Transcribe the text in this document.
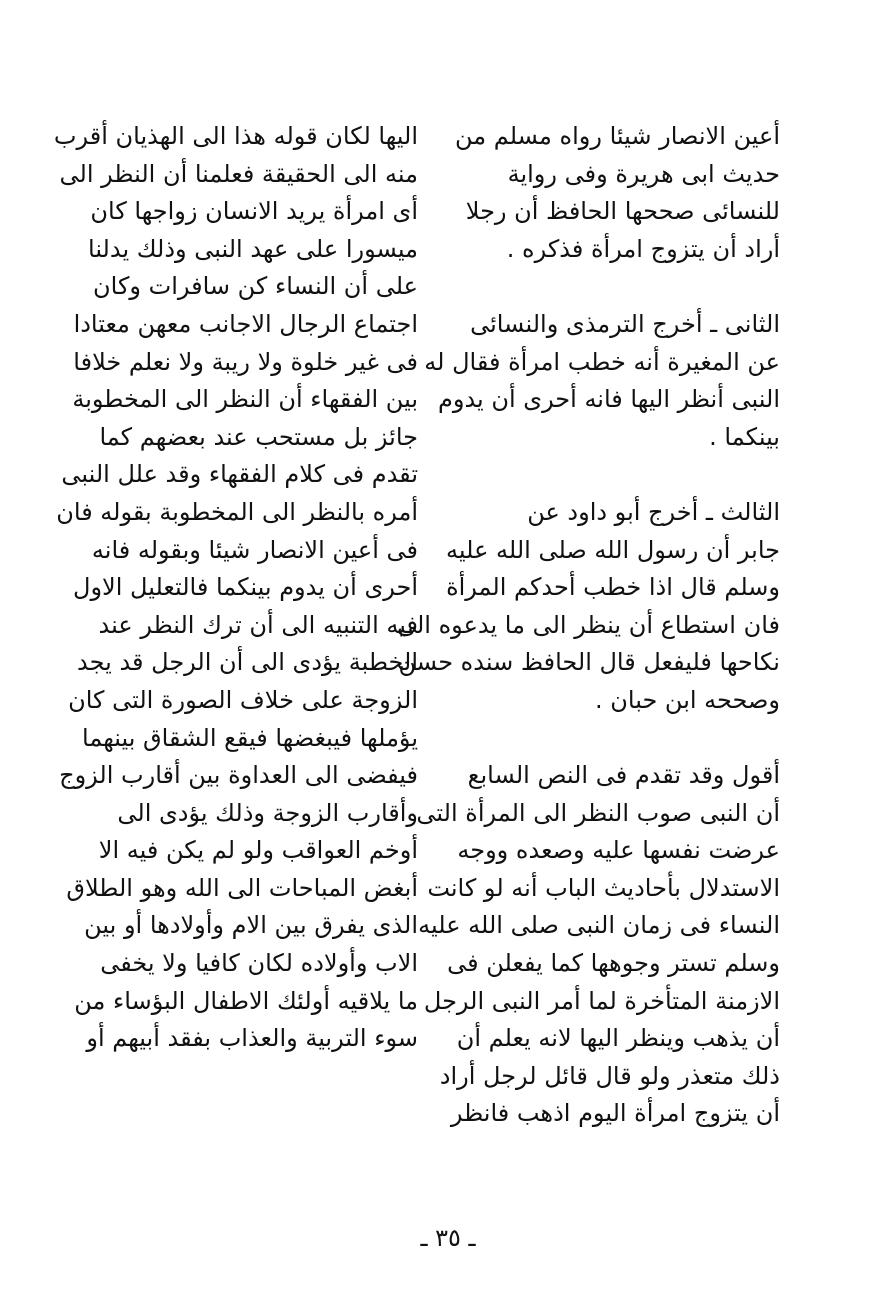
أعين الانصار شيئا رواه مسلم من
حديث ابى هريرة وفى رواية
للنسائى صححها الحافظ أن رجلا
أراد أن يتزوج امرأة فذكره .
الثانى ـ أخرج الترمذى والنسائى
عن المغيرة أنه خطب امرأة فقال له
النبى أنظر اليها فانه أحرى أن يدوم
بينكما .
الثالث ـ أخرج أبو داود عن
جابر أن رسول الله صلى الله عليه
وسلم قال اذا خطب أحدكم المرأة
فان استطاع أن ينظر الى ما يدعوه الى
نكاحها فليفعل قال الحافظ سنده حسن
وصححه ابن حبان .
أقول وقد تقدم فى النص السابع
أن النبى صوب النظر الى المرأة التى
عرضت نفسها عليه وصعده ووجه
الاستدلال بأحاديث الباب أنه لو كانت
النساء فى زمان النبى صلى الله عليه
وسلم تستر وجوهها كما يفعلن فى
الازمنة المتأخرة لما أمر النبى الرجل
أن يذهب وينظر اليها لانه يعلم أن
ذلك متعذر ولو قال قائل لرجل أراد
أن يتزوج امرأة اليوم اذهب فانظر
اليها لكان قوله هذا الى الهذيان أقرب
منه الى الحقيقة فعلمنا أن النظر الى
أى امرأة يريد الانسان زواجها كان
ميسورا على عهد النبى وذلك يدلنا
على أن النساء كن سافرات وكان
اجتماع الرجال الاجانب معهن معتادا
فى غير خلوة ولا ريبة ولا نعلم خلافا
بين الفقهاء أن النظر الى المخطوبة
جائز بل مستحب عند بعضهم كما
تقدم فى كلام الفقهاء وقد علل النبى
أمره بالنظر الى المخطوبة بقوله فان
فى أعين الانصار شيئا وبقوله فانه
أحرى أن يدوم بينكما فالتعليل الاول
فيه التنبيه الى أن ترك النظر عند
الخطبة يؤدى الى أن الرجل قد يجد
الزوجة على خلاف الصورة التى كان
يؤملها فيبغضها فيقع الشقاق بينهما
فيفضى الى العداوة بين أقارب الزوج
وأقارب الزوجة وذلك يؤدى الى
أوخم العواقب ولو لم يكن فيه الا
أبغض المباحات الى الله وهو الطلاق
الذى يفرق بين الام وأولادها أو بين
الاب وأولاده لكان كافيا ولا يخفى
ما يلاقيه أولئك الاطفال البؤساء من
سوء التربية والعذاب بفقد أبيهم أو
ـ ٣٥ ـ
